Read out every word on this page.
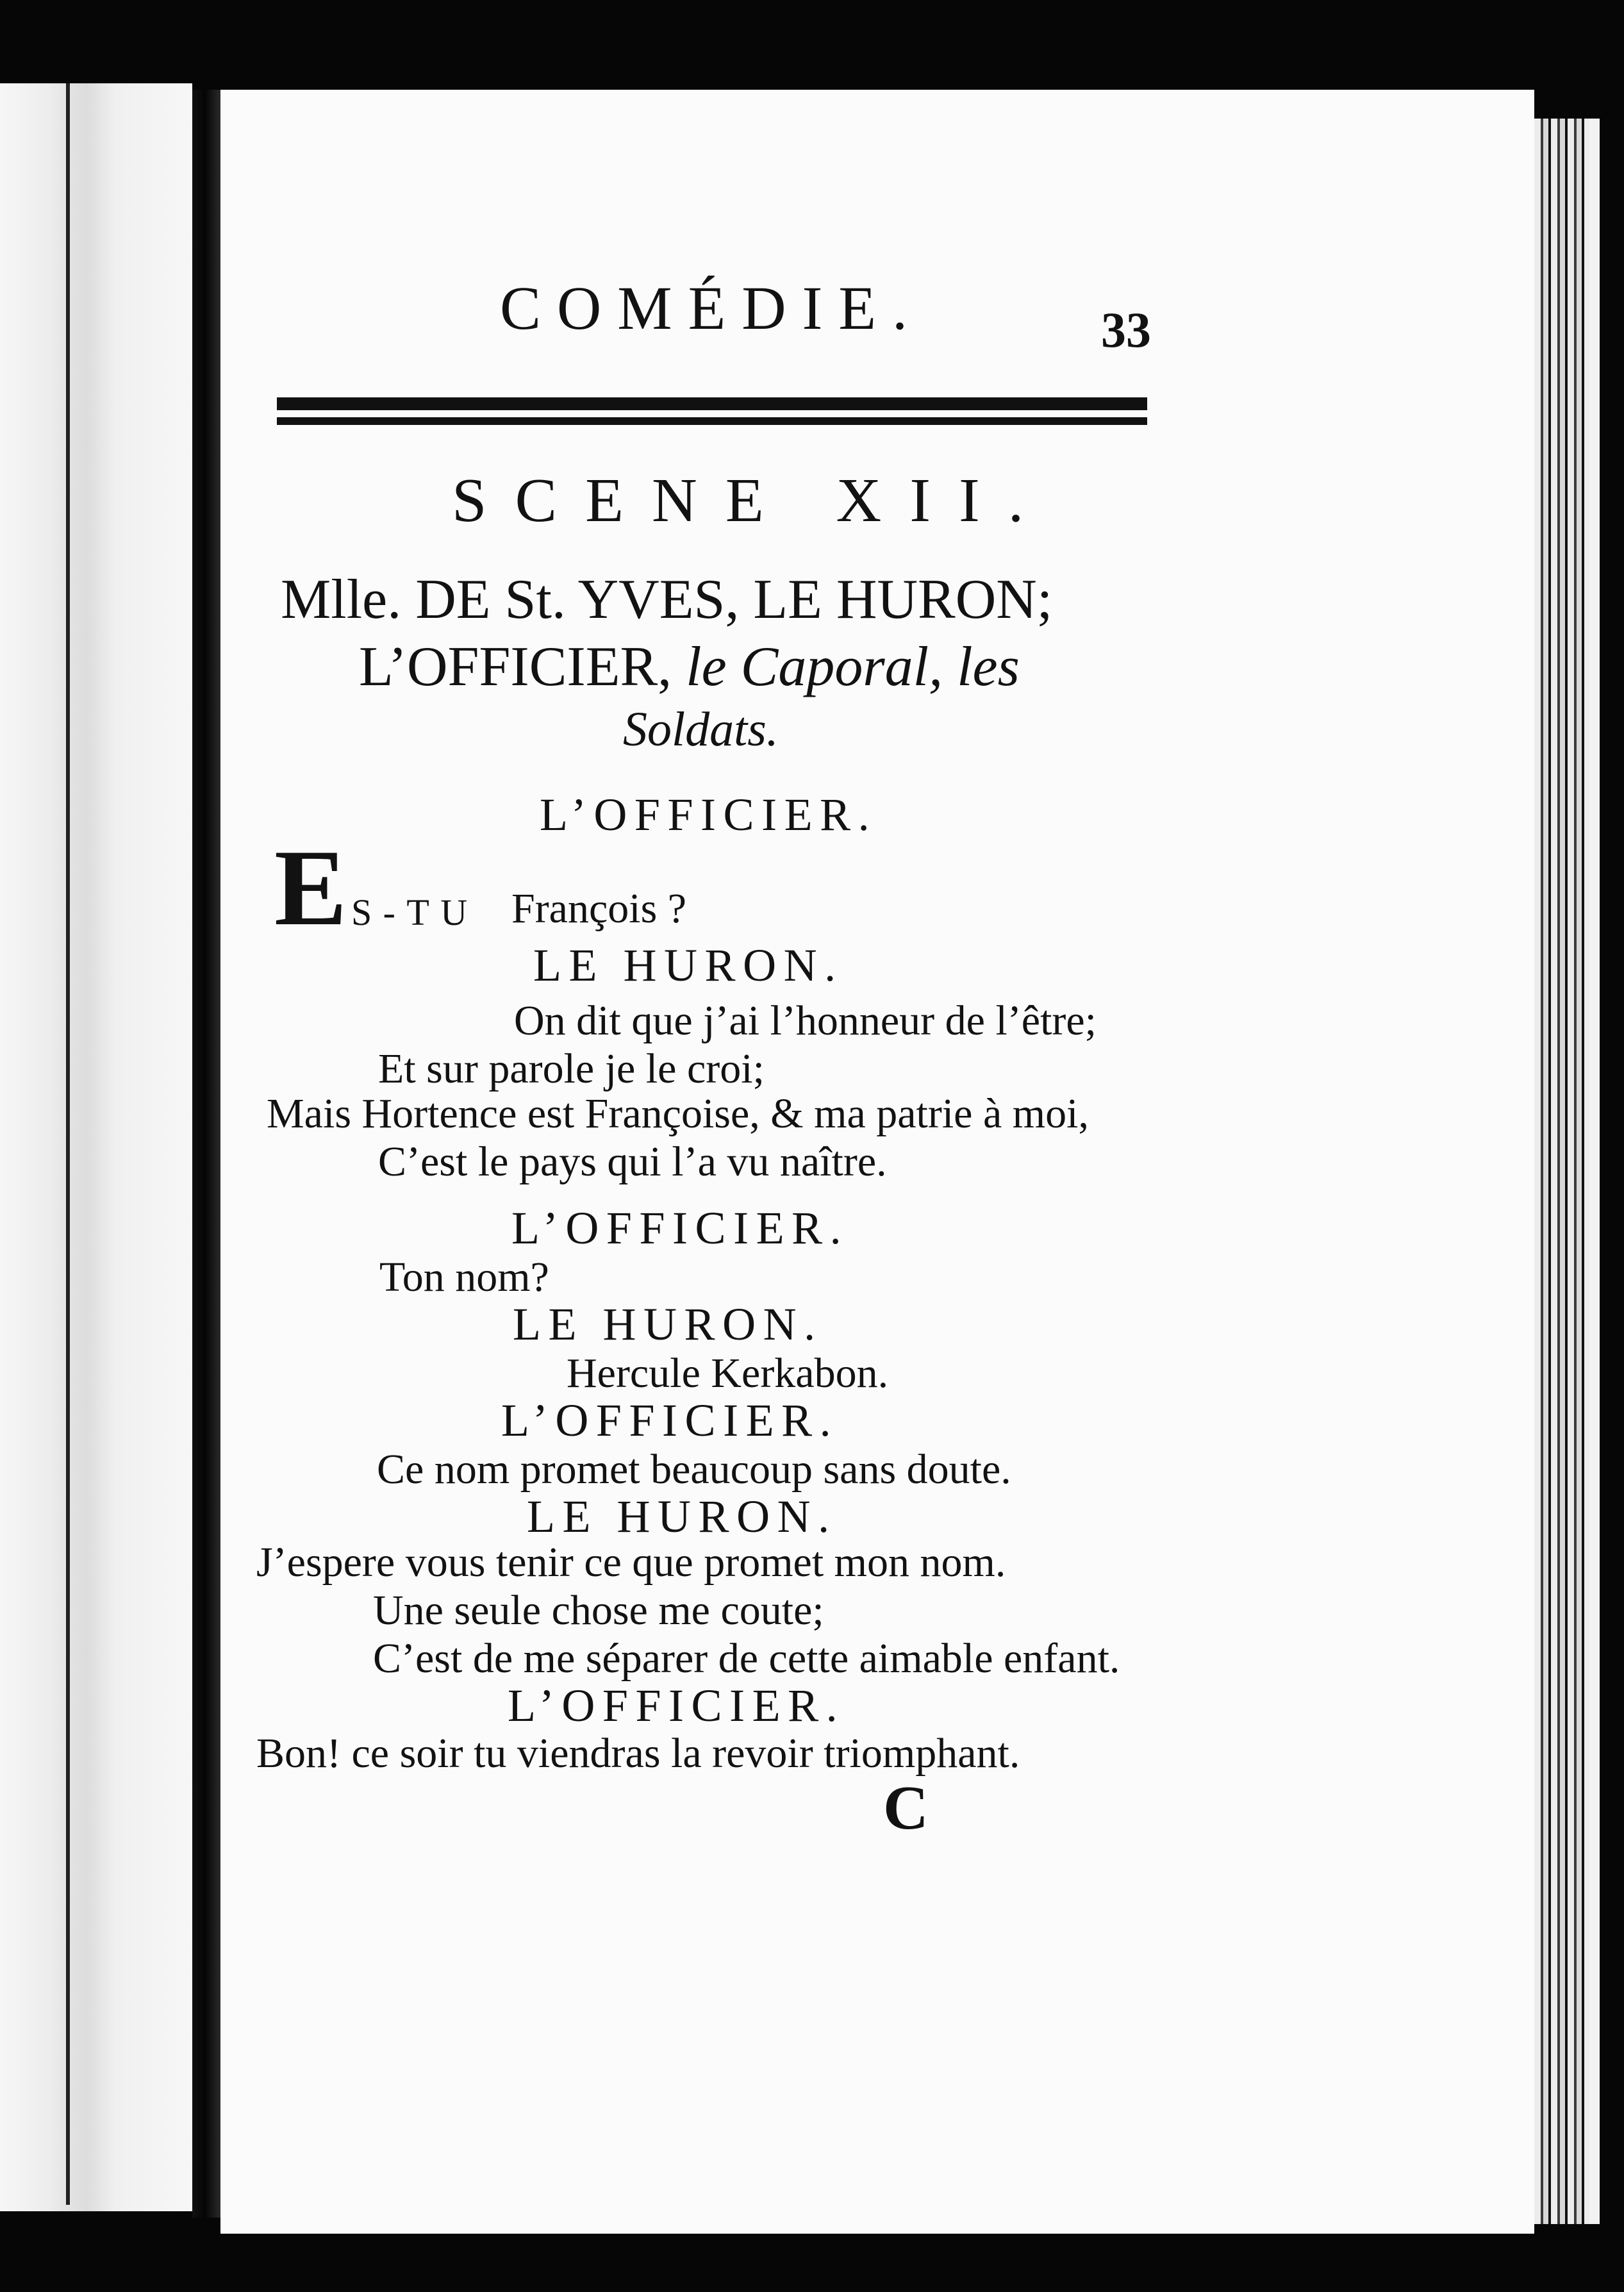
COMÉDIE.	33
SCENE XII.
Mlle. DE St. YVES, LE HURON;
L’OFFICIER, le Caporal, les
Soldats.
L’OFFICIER.
E S-TU François ?
LE HURON.
On dit que j’ai l’honneur de l’être;
Et sur parole je le croi;
Mais Hortence est Françoise, & ma patrie à moi,
C’est le pays qui l’a vu naître.
L’OFFICIER.
Ton nom?
LE HURON.
Hercule Kerkabon.
L’OFFICIER.
Ce nom promet beaucoup sans doute.
LE HURON.
J’espere vous tenir ce que promet mon nom.
Une seule chose me coute;
C’est de me séparer de cette aimable enfant.
L’OFFICIER.
Bon! ce soir tu viendras la revoir triomphant.
C
